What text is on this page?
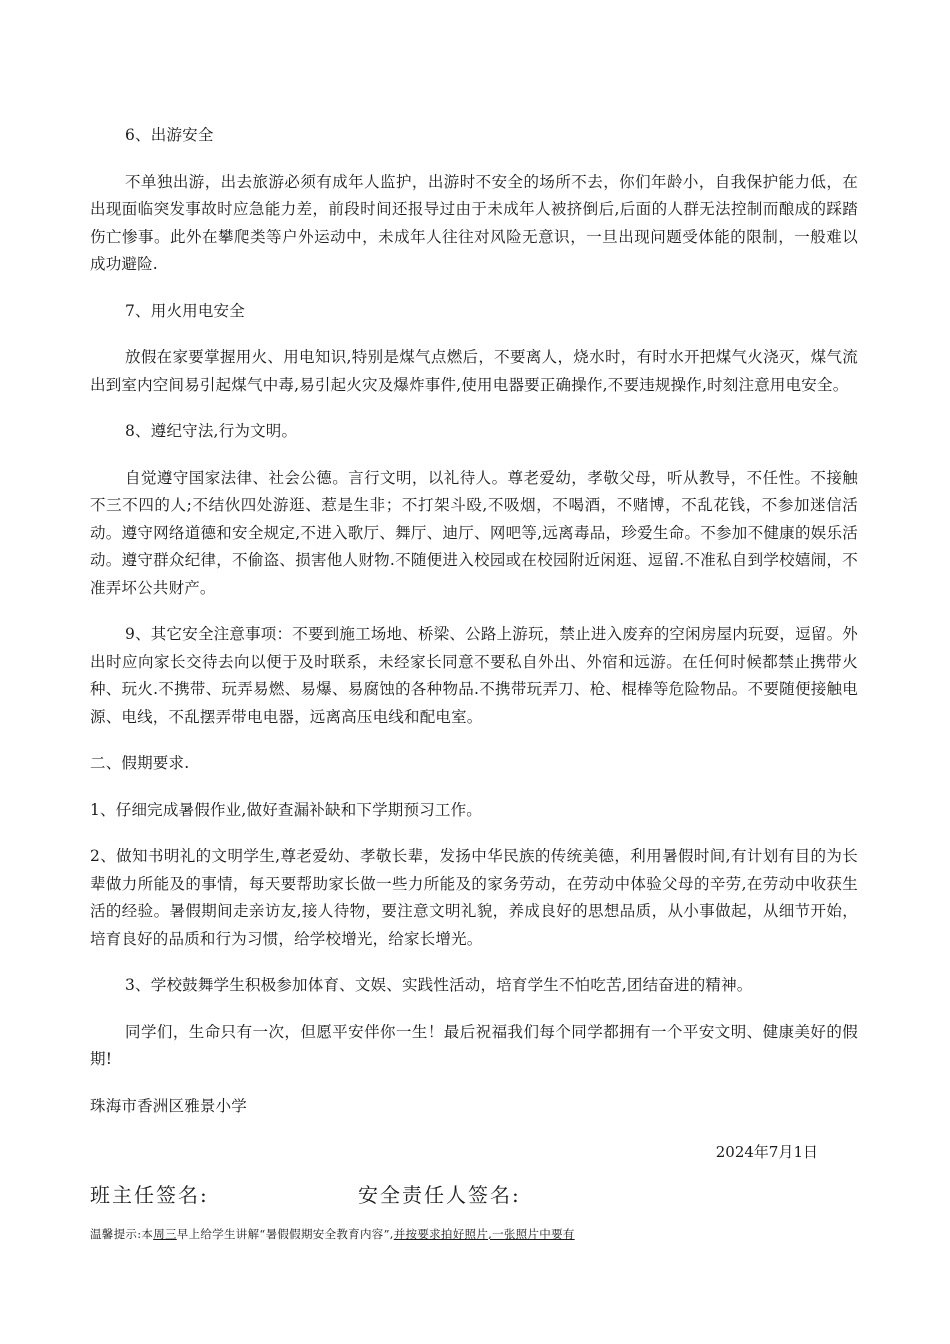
6、出游安全

不单独出游，出去旅游必须有成年人监护，出游时不安全的场所不去，你们年龄小，自我保护能力低，在出现面临突发事故时应急能力差，前段时间还报导过由于未成年人被挤倒后,后面的人群无法控制而酿成的踩踏伤亡惨事。此外在攀爬类等户外运动中，未成年人往往对风险无意识，一旦出现问题受体能的限制，一般难以成功避险.

7、用火用电安全

放假在家要掌握用火、用电知识,特别是煤气点燃后，不要离人，烧水时，有时水开把煤气火浇灭，煤气流出到室内空间易引起煤气中毒,易引起火灾及爆炸事件,使用电器要正确操作,不要违规操作,时刻注意用电安全。

8、遵纪守法,行为文明。

自觉遵守国家法律、社会公德。言行文明，以礼待人。尊老爱幼，孝敬父母，听从教导，不任性。不接触不三不四的人;不结伙四处游逛、惹是生非；不打架斗殴,不吸烟，不喝酒，不赌博，不乱花钱，不参加迷信活动。遵守网络道德和安全规定,不进入歌厅、舞厅、迪厅、网吧等,远离毒品，珍爱生命。不参加不健康的娱乐活动。遵守群众纪律，不偷盗、损害他人财物.不随便进入校园或在校园附近闲逛、逗留.不准私自到学校嬉闹，不准弄坏公共财产。

9、其它安全注意事项：不要到施工场地、桥梁、公路上游玩，禁止进入废弃的空闲房屋内玩耍，逗留。外出时应向家长交待去向以便于及时联系，未经家长同意不要私自外出、外宿和远游。在任何时候都禁止携带火种、玩火.不携带、玩弄易燃、易爆、易腐蚀的各种物品.不携带玩弄刀、枪、棍棒等危险物品。不要随便接触电源、电线，不乱摆弄带电电器，远离高压电线和配电室。

二、假期要求.

1、仔细完成暑假作业,做好查漏补缺和下学期预习工作。

2、做知书明礼的文明学生,尊老爱幼、孝敬长辈，发扬中华民族的传统美德，利用暑假时间,有计划有目的为长辈做力所能及的事情，每天要帮助家长做一些力所能及的家务劳动，在劳动中体验父母的辛劳,在劳动中收获生活的经验。暑假期间走亲访友,接人待物，要注意文明礼貌，养成良好的思想品质，从小事做起，从细节开始，培育良好的品质和行为习惯，给学校增光，给家长增光。

3、学校鼓舞学生积极参加体育、文娱、实践性活动，培育学生不怕吃苦,团结奋进的精神。

同学们，生命只有一次，但愿平安伴你一生！最后祝福我们每个同学都拥有一个平安文明、健康美好的假期!

珠海市香洲区雅景小学

2024年7月1日
班主任签名:	安全责任人签名:
温馨提示:本周三早上给学生讲解“暑假假期安全教育内容”,并按要求拍好照片,一张照片中要有
